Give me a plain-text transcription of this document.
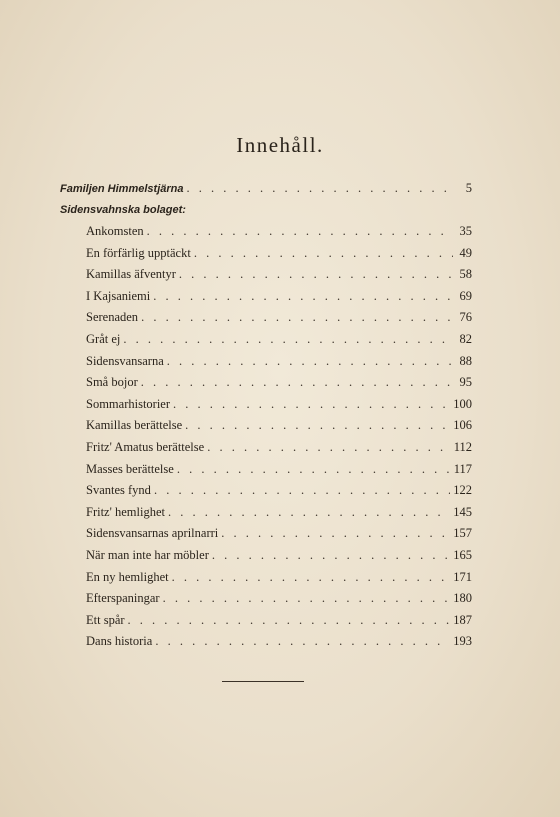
Innehåll.
Familjen Himmelstjärna . . .	5
Sidensvahnska bolaget:
Ankomsten . . .	35
En förfärlig upptäckt . . .	49
Kamillas äfventyr . . .	58
I Kajsaniemi . . .	69
Serenaden . . .	76
Gråt ej . . .	82
Sidensvansarna . . .	88
Små bojor . . .	95
Sommarhistorier . . .	100
Kamillas berättelse . . .	106
Fritz' Amatus berättelse . . .	112
Masses berättelse . . .	117
Svantes fynd . . .	122
Fritz' hemlighet . . .	145
Sidensvansarnas aprilnarri . . .	157
När man inte har möbler . . .	165
En ny hemlighet . . .	171
Efterspaningar . . .	180
Ett spår . . .	187
Dans historia . . .	193
